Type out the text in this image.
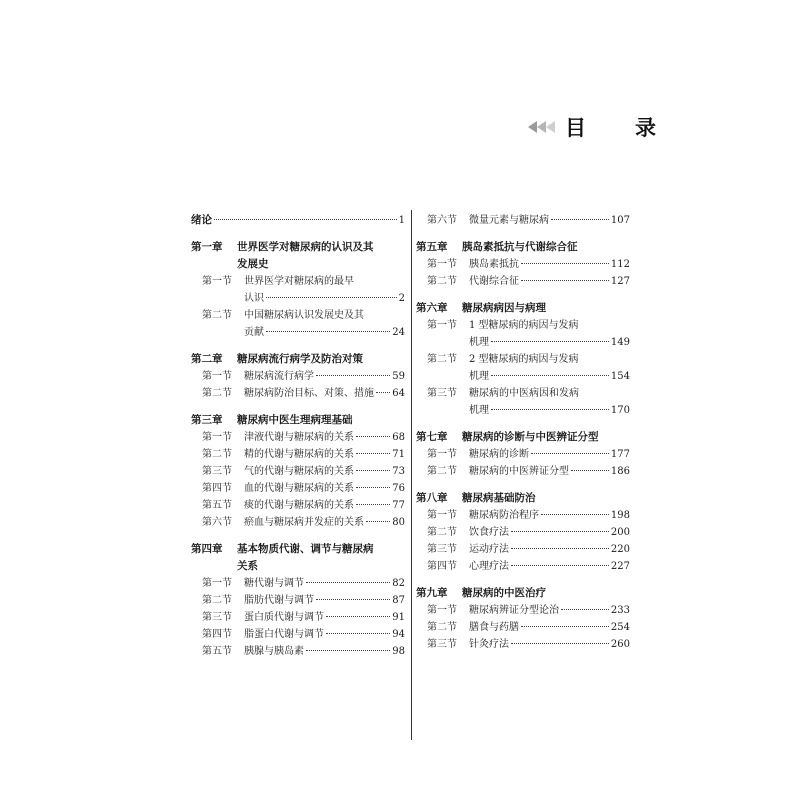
目　录
绪论	1
第一章	世界医学对糖尿病的认识及其
发展史
第一节	世界医学对糖尿病的最早
认识	2
第二节	中国糖尿病认识发展史及其
贡献	24
第二章	糖尿病流行病学及防治对策
第一节	糖尿病流行病学	59
第二节	糖尿病防治目标、对策、措施 64
第三章	糖尿病中医生理病理基础
第一节	津液代谢与糖尿病的关系	68
第二节	精的代谢与糖尿病的关系	71
第三节	气的代谢与糖尿病的关系	73
第四节	血的代谢与糖尿病的关系	76
第五节	痰的代谢与糖尿病的关系	77
第六节	瘀血与糖尿病并发症的关系	80
第四章	基本物质代谢、调节与糖尿病
关系
第一节	糖代谢与调节	82
第二节	脂肪代谢与调节	87
第三节	蛋白质代谢与调节	91
第四节	脂蛋白代谢与调节	94
第五节	胰腺与胰岛素	98
第六节	微量元素与糖尿病	107
第五章	胰岛素抵抗与代谢综合征
第一节	胰岛素抵抗	112
第二节	代谢综合征	127
第六章	糖尿病病因与病理
第一节	1 型糖尿病的病因与发病
机理	149
第二节	2 型糖尿病的病因与发病
机理	154
第三节	糖尿病的中医病因和发病
机理	170
第七章	糖尿病的诊断与中医辨证分型
第一节	糖尿病的诊断	177
第二节	糖尿病的中医辨证分型	186
第八章	糖尿病基础防治
第一节	糖尿病防治程序	198
第二节	饮食疗法	200
第三节	运动疗法	220
第四节	心理疗法	227
第九章	糖尿病的中医治疗
第一节	糖尿病辨证分型论治	233
第二节	膳食与药膳	254
第三节	针灸疗法	260
